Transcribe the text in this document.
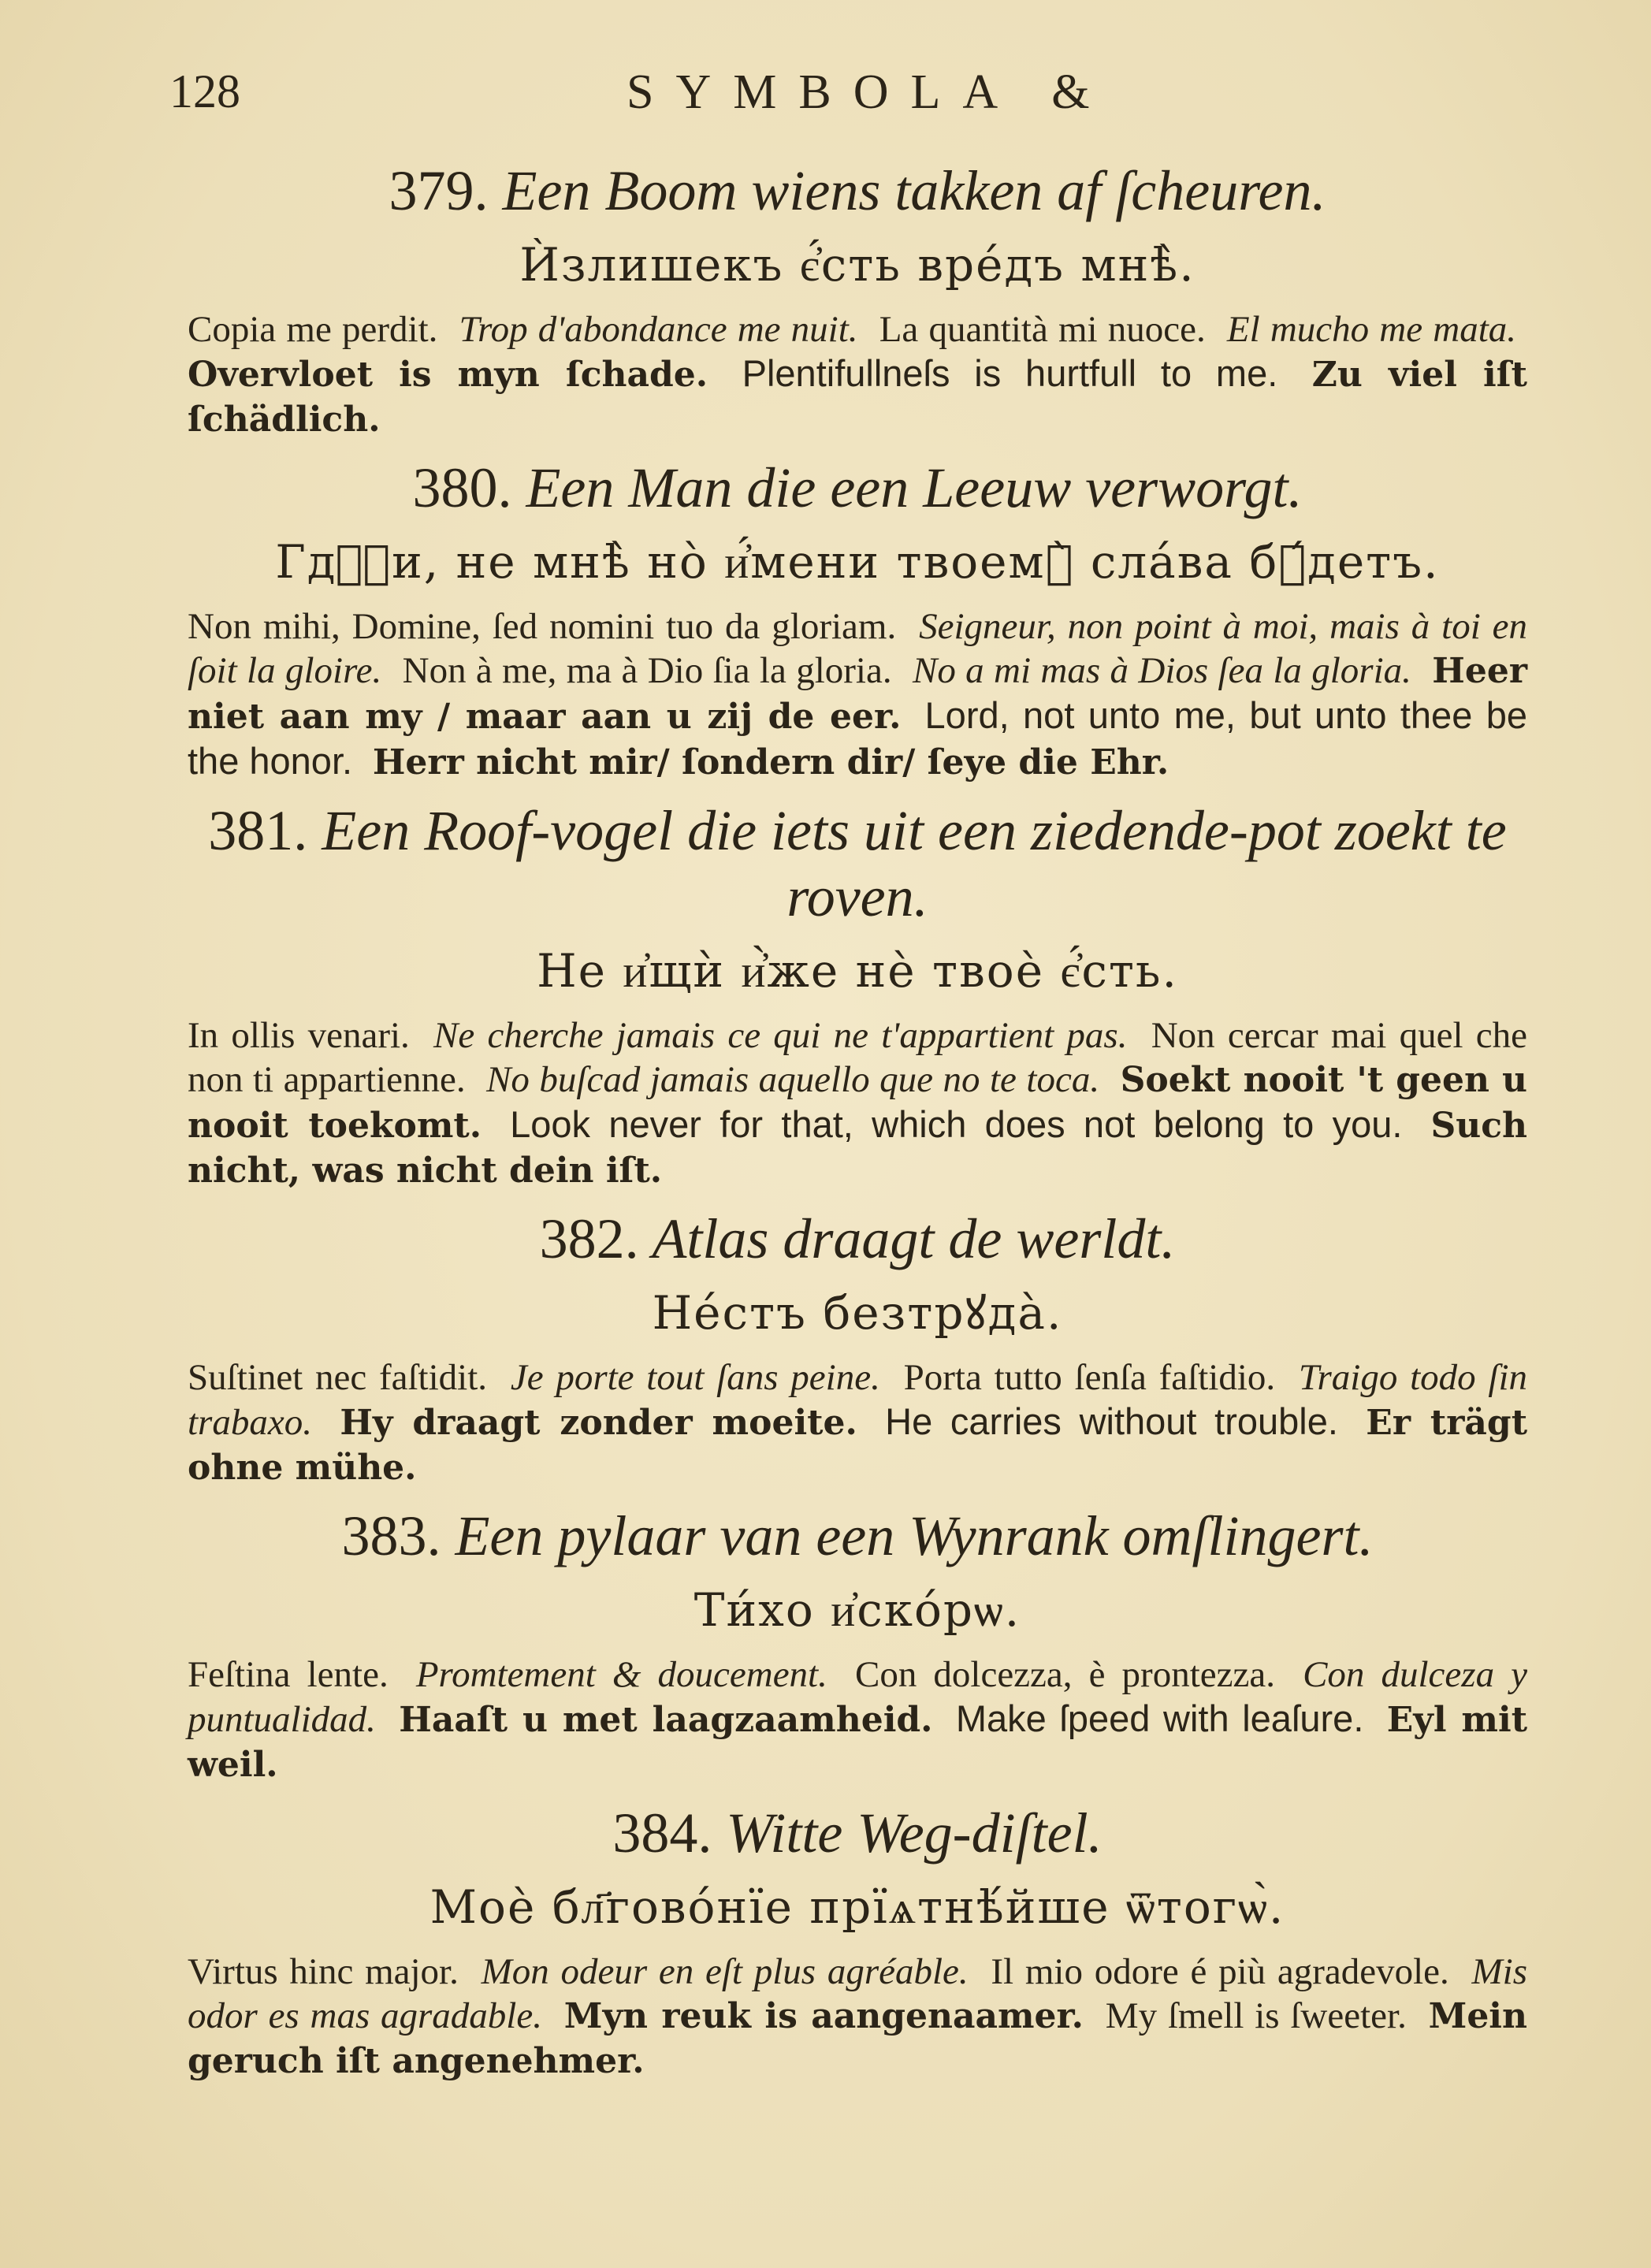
128	SYMBOLA &

379. Een Boom wiens takken af ſcheuren.

Ѝзлишекъ є҆́сть вре́дъ мнѣ̀.

Copia me perdit. Trop d'abondance me nuit. La quantità mi nuoce. El mucho me mata. Overvloet is myn ſchade. Plentifullneſs is hurtfull to me. Zu viel iſt ſchädlich.

380. Een Man die een Leeuw verworgt.

Гдⷭ҇и, не мнѣ̀ но̀ и҆́мени твоемꙋ̀ сла́ва бꙋ́детъ.

Non mihi, Domine, ſed nomini tuo da gloriam. Seigneur, non point à moi, mais à toi en ſoit la gloire. Non à me, ma à Dio ſia la gloria. No a mi mas à Dios ſea la gloria. Heer niet aan my / maar aan u zij de eer. Lord, not unto me, but unto thee be the honor. Herr nicht mir/ ſondern dir/ ſeye die Ehr.

381. Een Roof-vogel die iets uit een ziedende-pot zoekt te roven.

Не и҆щѝ и҆̀же нѐ твоѐ є҆́сть.

In ollis venari. Ne cherche jamais ce qui ne t'appartient pas. Non cercar mai quel che non ti appartienne. No buſcad jamais aquello que no te toca. Soekt nooit 't geen u nooit toekomt. Look never for that, which does not belong to you. Such nicht, was nicht dein iſt.

382. Atlas draagt de werldt.

Не́стъ безтрꙋда̀.

Suſtinet nec faſtidit. Je porte tout ſans peine. Porta tutto ſenſa faſtidio. Traigo todo ſin trabaxo. Hy draagt zonder moeite. He carries without trouble. Er trägt ohne mühe.

383. Een pylaar van een Wynrank omſlingert.

Ти́хо и҆ско́рѡ.

Feſtina lente. Promtement & doucement. Con dolcezza, è prontezza. Con dulceza y puntualidad. Haaſt u met laagzaamheid. Make ſpeed with leaſure. Eyl mit weil.

384. Witte Weg-diſtel.

Моѐ бл҃гово́нїе прїѧтнѣ́йше ѿтогѡ̀.

Virtus hinc major. Mon odeur en eſt plus agréable. Il mio odore é più agradevole. Mis odor es mas agradable. Myn reuk is aangenaamer. My ſmell is ſweeter. Mein geruch iſt angenehmer.
